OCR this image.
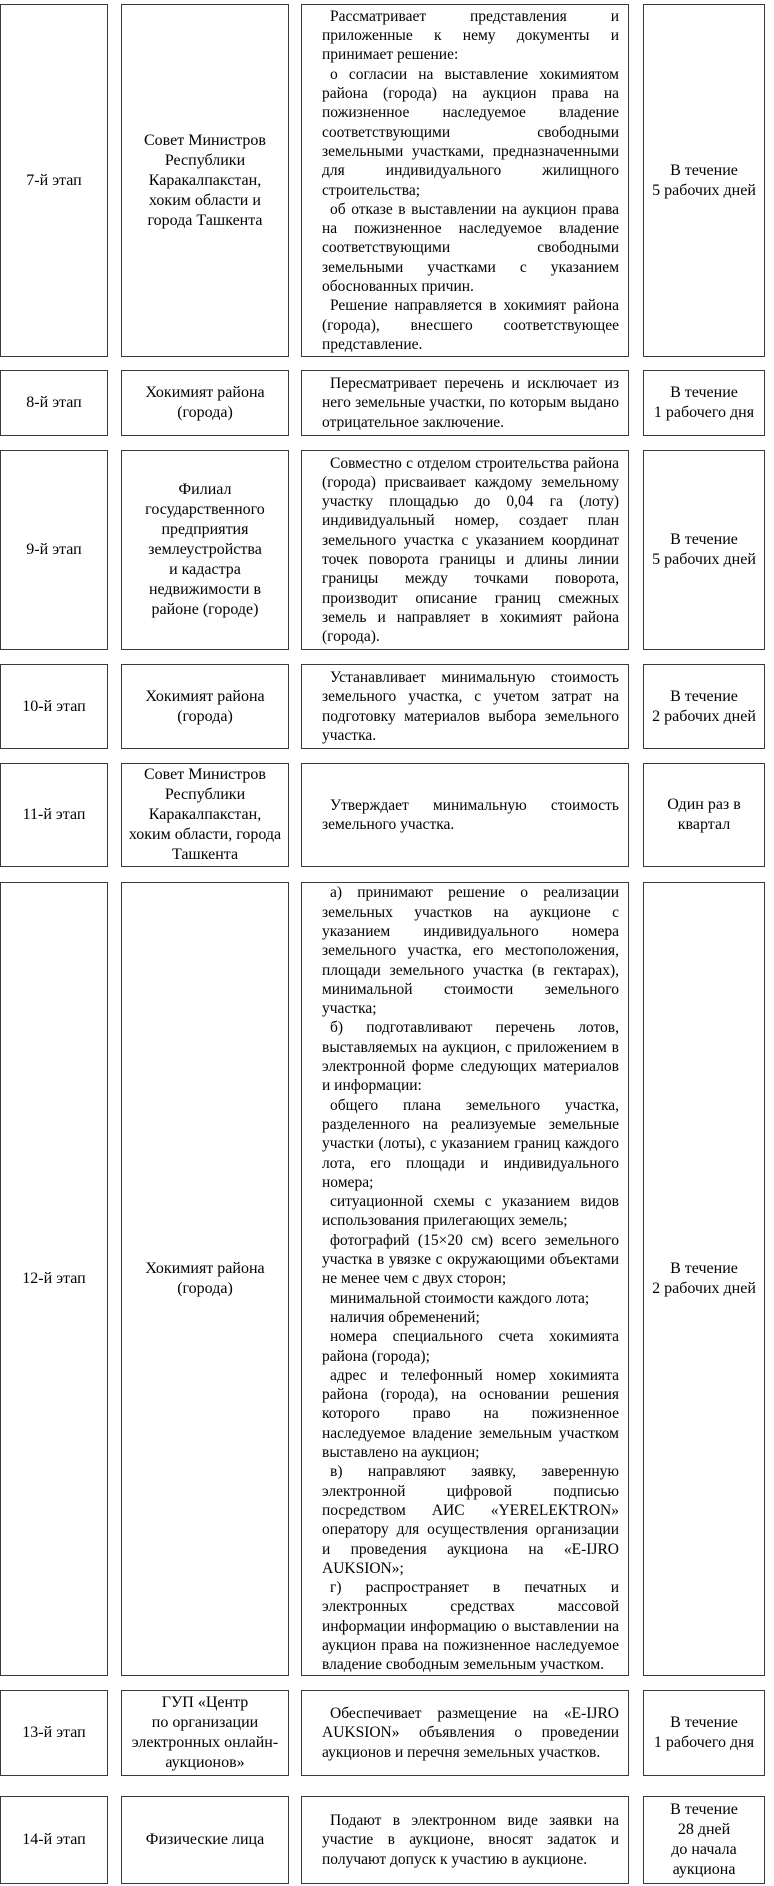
7-й этап
Совет Министров
Республики
Каракалпакстан,
хоким области и
города Ташкента

Рассматривает представления и приложенные к нему документы и принимает решение:

о согласии на выставление хокимиятом района (города) на аукцион права на пожизненное наследуемое владение соответствующими свободными земельными участками, предназначенными для индивидуального жилищного строительства;

об отказе в выставлении на аукцион права на пожизненное наследуемое владение соответствующими свободными земельными участками с указанием обоснованных причин.

Решение направляется в хокимият района (города), внесшего соответствующее представление.

В течение
5 рабочих дней
8-й этап
Хокимият района
(города)

Пересматривает перечень и исключает из него земельные участки, по которым выдано отрицательное заключение.

В течение
1 рабочего дня
9-й этап
Филиал
государственного
предприятия
землеустройства
и кадастра
недвижимости в
районе (городе)

Совместно с отделом строительства района (города) присваивает каждому земельному участку площадью до 0,04 га (лоту) индивидуальный номер, создает план земельного участка с указанием координат точек поворота границы и длины линии границы между точками поворота, производит описание границ смежных земель и направляет в хокимият района (города).

В течение
5 рабочих дней
10-й этап
Хокимият района
(города)

Устанавливает минимальную стоимость земельного участка, с учетом затрат на подготовку материалов выбора земельного участка.

В течение
2 рабочих дней
11-й этап
Совет Министров
Республики
Каракалпакстан,
хоким области, города
Ташкента

Утверждает минимальную стоимость земельного участка.

Один раз в
квартал
12-й этап
Хокимият района
(города)

а) принимают решение о реализации земельных участков на аукционе с указанием индивидуального номера земельного участка, его местоположения, площади земельного участка (в гектарах), минимальной стоимости земельного участка;

б) подготавливают перечень лотов, выставляемых на аукцион, с приложением в электронной форме следующих материалов и информации:

общего плана земельного участка, разделенного на реализуемые земельные участки (лоты), с указанием границ каждого лота, его площади и индивидуального номера;

ситуационной схемы с указанием видов использования прилегающих земель;

фотографий (15×20 см) всего земельного участка в увязке с окружающими объектами не менее чем с двух сторон;

минимальной стоимости каждого лота;

наличия обременений;

номера специального счета хокимията района (города);

адрес и телефонный номер хокимията района (города), на основании решения которого право на пожизненное наследуемое владение земельным участком выставлено на аукцион;

в) направляют заявку, заверенную электронной цифровой подписью посредством АИС «YERELEKTRON» оператору для осуществления организации и проведения аукциона на «E-IJRO AUKSION»;

г) распространяет в печатных и электронных средствах массовой информации информацию о выставлении на аукцион права на пожизненное наследуемое владение свободным земельным участком.

В течение
2 рабочих дней
13-й этап
ГУП «Центр
по организации
электронных онлайн-
аукционов»

Обеспечивает размещение на «E-IJRO AUKSION» объявления о проведении аукционов и перечня земельных участков.

В течение
1 рабочего дня
14-й этап	Физические лица

Подают в электронном виде заявки на участие в аукционе, вносят задаток и получают допуск к участию в аукционе.

В течение
28 дней
до начала
аукциона
